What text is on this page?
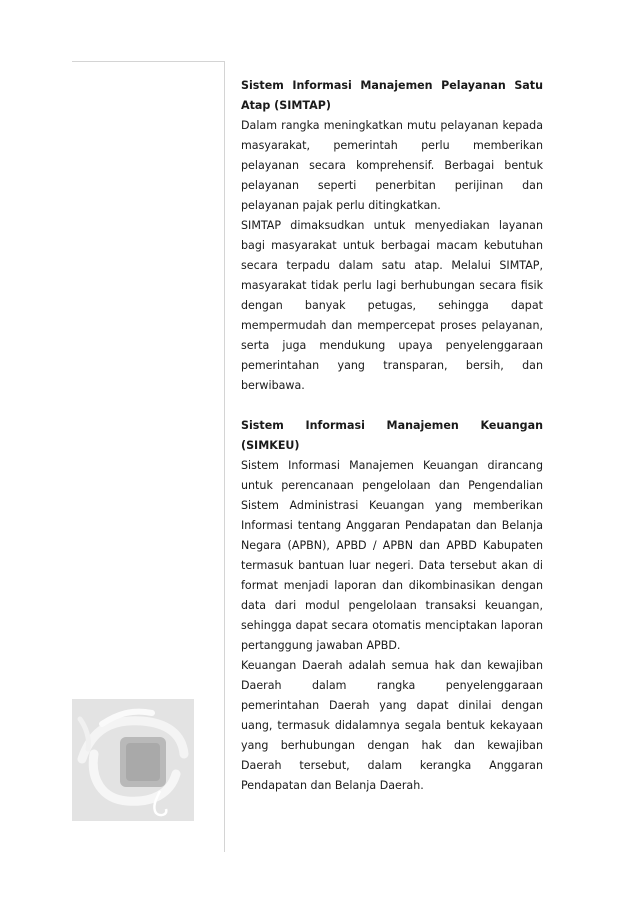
Sistem Informasi Manajemen Pelayanan Satu Atap (SIMTAP)
Dalam rangka meningkatkan mutu pelayanan kepada masyarakat, pemerintah perlu memberikan pelayanan secara komprehensif. Berbagai bentuk pelayanan seperti penerbitan perijinan dan pelayanan pajak perlu ditingkatkan.
SIMTAP dimaksudkan untuk menyediakan layanan bagi masyarakat untuk berbagai macam kebutuhan secara terpadu dalam satu atap. Melalui SIMTAP, masyarakat tidak perlu lagi berhubungan secara fisik dengan banyak petugas, sehingga dapat mempermudah dan mempercepat proses pelayanan, serta juga mendukung upaya penyelenggaraan pemerintahan yang transparan, bersih, dan berwibawa.
Sistem Informasi Manajemen Keuangan (SIMKEU)
Sistem Informasi Manajemen Keuangan dirancang untuk perencanaan pengelolaan dan Pengendalian Sistem Administrasi Keuangan yang memberikan Informasi tentang Anggaran Pendapatan dan Belanja Negara (APBN), APBD / APBN dan APBD Kabupaten termasuk bantuan luar negeri. Data tersebut akan di format menjadi laporan dan dikombinasikan dengan data dari modul pengelolaan transaksi keuangan, sehingga dapat secara otomatis menciptakan laporan pertanggung jawaban APBD.
Keuangan Daerah adalah semua hak dan kewajiban Daerah dalam rangka penyelenggaraan pemerintahan Daerah yang dapat dinilai dengan uang, termasuk didalamnya segala bentuk kekayaan yang berhubungan dengan hak dan kewajiban Daerah tersebut, dalam kerangka Anggaran Pendapatan dan Belanja Daerah.
